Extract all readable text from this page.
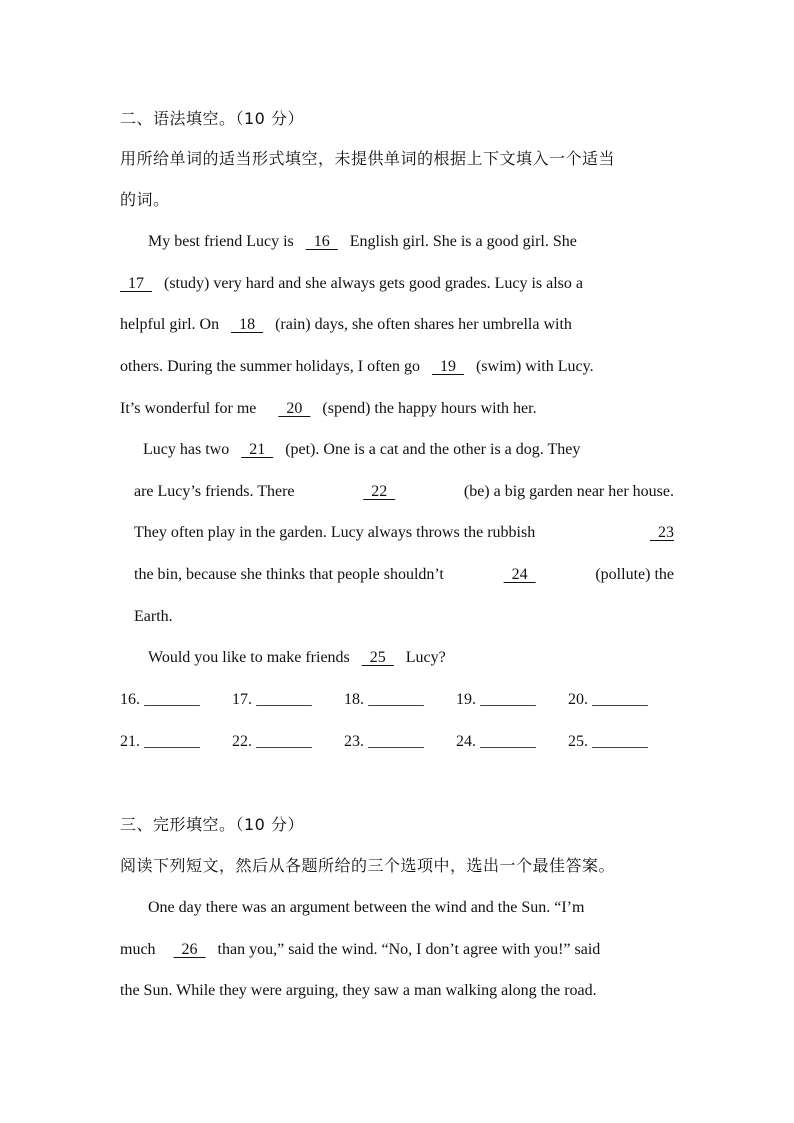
二、语法填空。（10 分）
用所给单词的适当形式填空，未提供单词的根据上下文填入一个适当
的词。
My best friend Lucy is   16   English girl. She is a good girl. She
17   (study) very hard and she always gets good grades. Lucy is also a
helpful girl. On   18   (rain) days, she often shares her umbrella with
others. During the summer holidays, I often go   19   (swim) with Lucy.
It’s wonderful for me   20   (spend) the happy hours with her.
Lucy has two   21   (pet). One is a cat and the other is a dog. They
are Lucy’s friends. There	22	(be) a big garden near her house.
They often play in the garden. Lucy always throws the rubbish	23
the bin, because she thinks that people shouldn’t	24	(pollute) the
Earth.
Would you like to make friends   25   Lucy?
16. _______ 17. _______ 18. _______ 19. _______ 20. _______
21. _______ 22. _______ 23. _______ 24. _______ 25. _______
三、完形填空。（10 分）
阅读下列短文，然后从各题所给的三个选项中，选出一个最佳答案。
One day there was an argument between the wind and the Sun. “I’m
much   26   than you,” said the wind. “No, I don’t agree with you!” said
the Sun. While they were arguing, they saw a man walking along the road.
